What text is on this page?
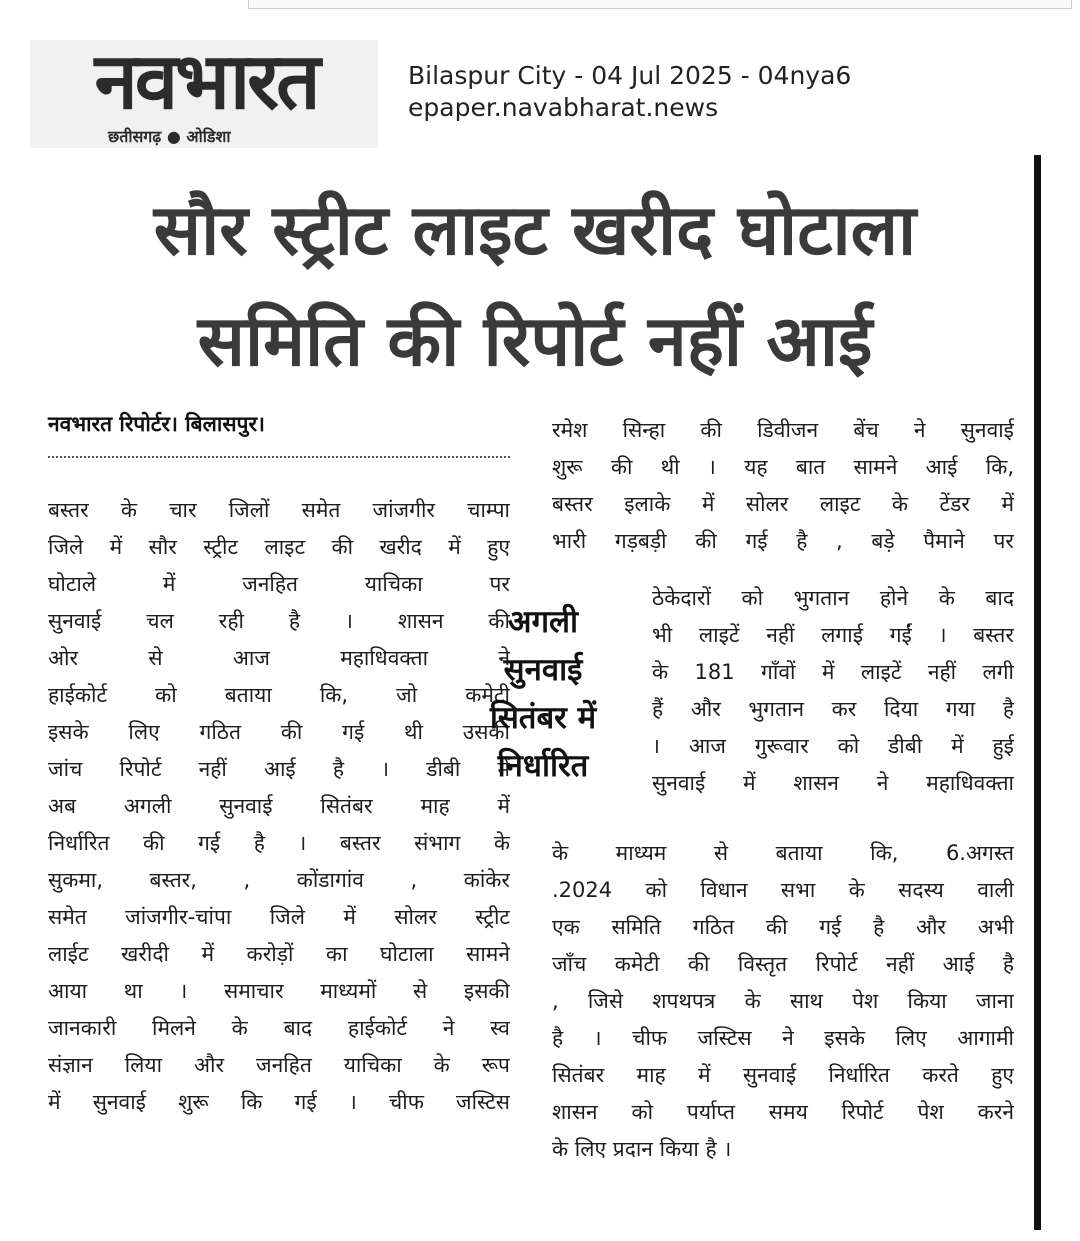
नवभारत
छतीसगढ़ ● ओडिशा
Bilaspur City - 04 Jul 2025 - 04nya6
epaper.navabharat.news
सौर स्ट्रीट लाइट खरीद घोटाला
समिति की रिपोर्ट नहीं आई
नवभारत रिपोर्टर। बिलासपुर।
बस्तर के चार जिलों समेत जांजगीर चाम्पा
जिले में सौर स्ट्रीट लाइट की खरीद में हुए
घोटाले में जनहित याचिका पर
सुनवाई चल रही है । शासन की
ओर से आज महाधिवक्ता ने
हाईकोर्ट को बताया कि, जो कमेटी
इसके लिए गठित की गई थी उसकी
जांच रिपोर्ट नहीं आई है । डीबी में
अब अगली सुनवाई सितंबर माह में
निर्धारित की गई है । बस्तर संभाग के
सुकमा, बस्तर, , कोंडागांव , कांकेर
समेत जांजगीर-चांपा जिले में सोलर स्ट्रीट
लाईट खरीदी में करोड़ों का घोटाला सामने
आया था । समाचार माध्यमों से इसकी
जानकारी मिलने के बाद हाईकोर्ट ने स्व
संज्ञान लिया और जनहित याचिका के रूप
में सुनवाई शुरू कि गई । चीफ जस्टिस
रमेश सिन्हा की डिवीजन बेंच ने सुनवाई
शुरू की थी । यह बात सामने आई कि,
बस्तर इलाके में सोलर लाइट के टेंडर में
भारी गड़बड़ी की गई है , बड़े पैमाने पर
ठेकेदारों को भुगतान होने के बाद
भी लाइटें नहीं लगाई गईं । बस्तर
के 181 गाँवों में लाइटें नहीं लगी
हैं और भुगतान कर दिया गया है
। आज गुरूवार को डीबी में हुई
सुनवाई में शासन ने महाधिवक्ता
के माध्यम से बताया कि, 6.अगस्त
.2024 को विधान सभा के सदस्य वाली
एक समिति गठित की गई है और अभी
जाँच कमेटी की विस्तृत रिपोर्ट नहीं आई है
, जिसे शपथपत्र के साथ पेश किया जाना
है । चीफ जस्टिस ने इसके लिए आगामी
सितंबर माह में सुनवाई निर्धारित करते हुए
शासन को पर्याप्त समय रिपोर्ट पेश करने
के लिए प्रदान किया है ।
अगली
सुनवाई
सितंबर में
निर्धारित
